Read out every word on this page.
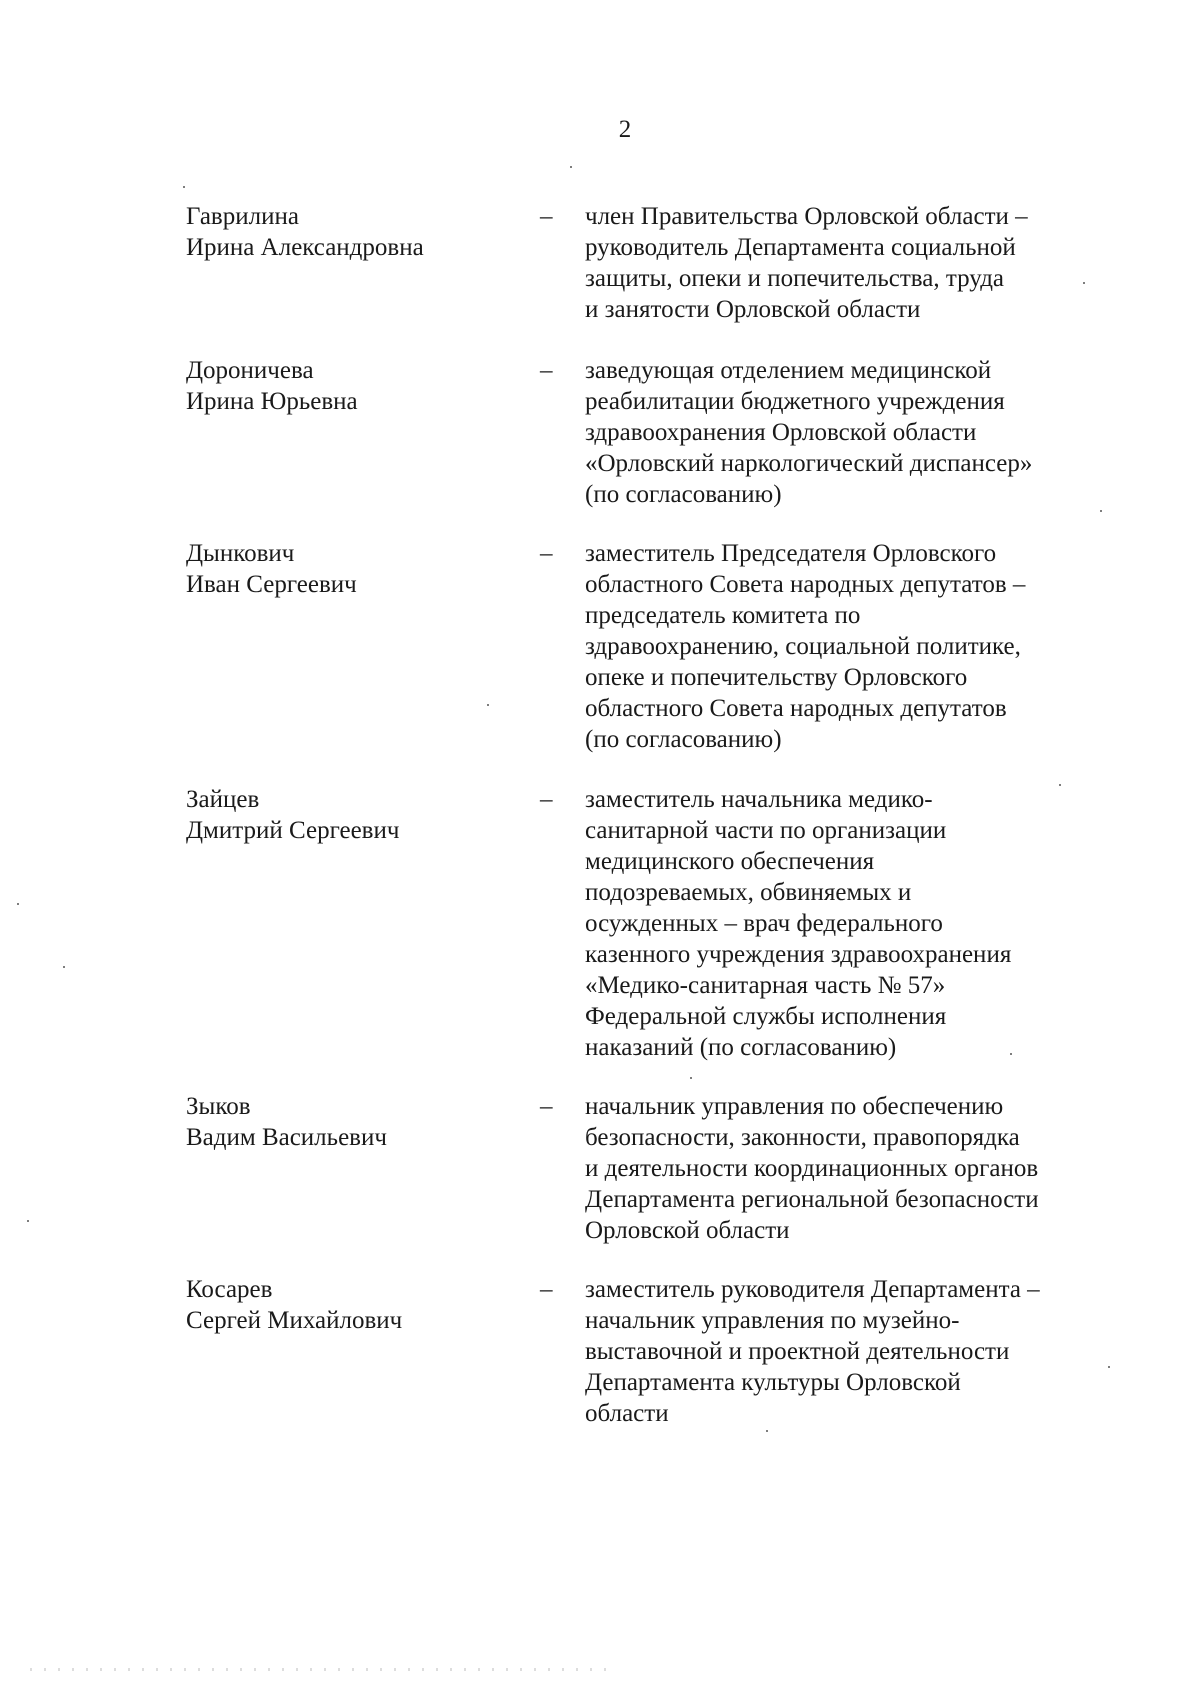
2
Гаврилина
Ирина Александровна
– член Правительства Орловской области –
руководитель Департамента социальной
защиты, опеки и попечительства, труда
и занятости Орловской области
Дороничева
Ирина Юрьевна
– заведующая отделением медицинской
реабилитации бюджетного учреждения
здравоохранения Орловской области
«Орловский наркологический диспансер»
(по согласованию)
Дынкович
Иван Сергеевич
– заместитель Председателя Орловского
областного Совета народных депутатов –
председатель комитета по
здравоохранению, социальной политике,
опеке и попечительству Орловского
областного Совета народных депутатов
(по согласованию)
Зайцев
Дмитрий Сергеевич
– заместитель начальника медико-
санитарной части по организации
медицинского обеспечения
подозреваемых, обвиняемых и
осужденных – врач федерального
казенного учреждения здравоохранения
«Медико-санитарная часть № 57»
Федеральной службы исполнения
наказаний (по согласованию)
Зыков
Вадим Васильевич
– начальник управления по обеспечению
безопасности, законности, правопорядка
и деятельности координационных органов
Департамента региональной безопасности
Орловской области
Косарев
Сергей Михайлович
– заместитель руководителя Департамента –
начальник управления по музейно-
выставочной и проектной деятельности
Департамента культуры Орловской
области
